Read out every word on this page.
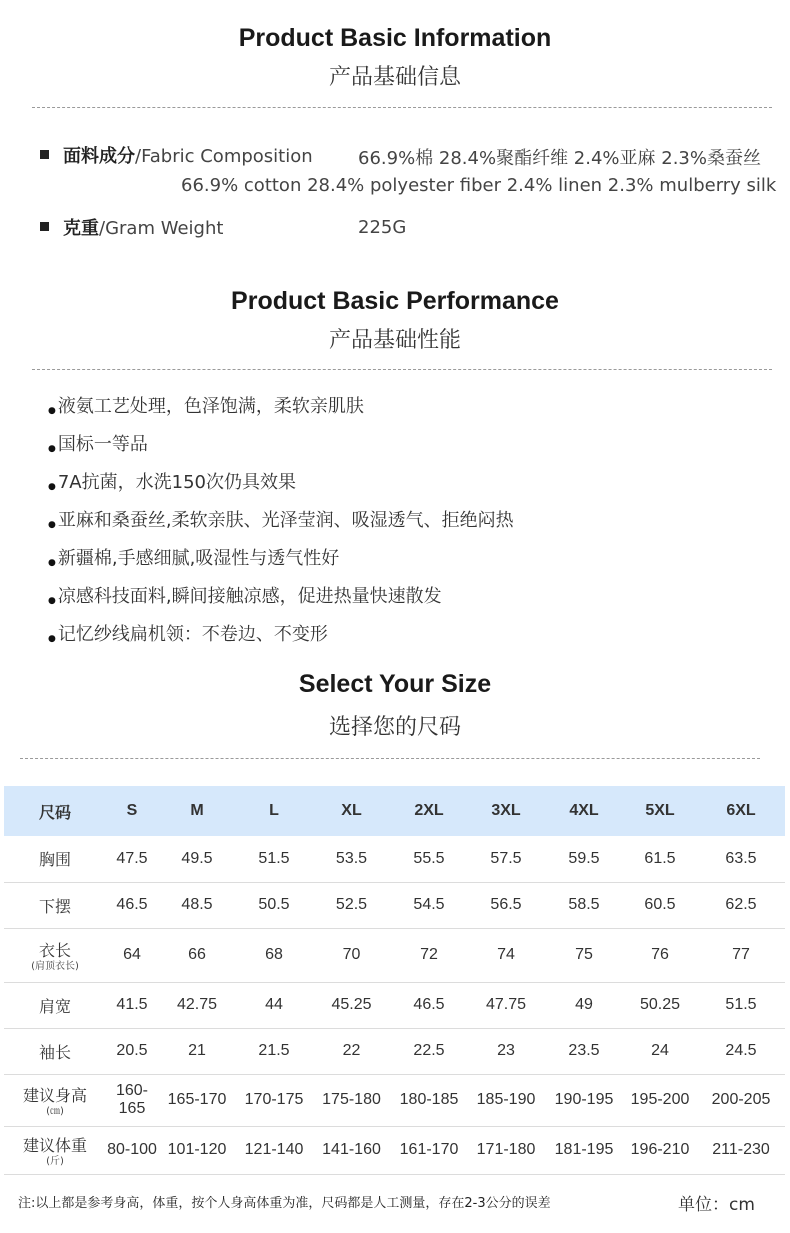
Product Basic Information
产品基础信息
面料成分/Fabric Composition	66.9%棉 28.4%聚酯纤维 2.4%亚麻 2.3%桑蚕丝
66.9% cotton 28.4% polyester fiber 2.4% linen 2.3% mulberry silk
克重/Gram Weight	225G
Product Basic Performance
产品基础性能
● 液氨工艺处理，色泽饱满，柔软亲肌肤
● 国标一等品
● 7A抗菌，水洗150次仍具效果
● 亚麻和桑蚕丝,柔软亲肤、光泽莹润、吸湿透气、拒绝闷热
● 新疆棉,手感细腻,吸湿性与透气性好
● 凉感科技面料,瞬间接触凉感，促进热量快速散发
● 记忆纱线扁机领：不卷边、不变形
Select Your Size
选择您的尺码
尺码	S	M	L	XL	2XL	3XL	4XL	5XL	6XL

胸围	47.5	49.5	51.5	53.5	55.5	57.5	59.5	61.5	63.5

下摆	46.5	48.5	50.5	52.5	54.5	56.5	58.5	60.5	62.5

衣长
(肩顶衣长)	64	66	68	70	72	74	75	76	77

肩宽	41.5	42.75	44	45.25	46.5	47.75	49	50.25	51.5

袖长	20.5	21	21.5	22	22.5	23	23.5	24	24.5

建议身高
(㎝)	160-165	165-170	170-175	175-180	180-185	185-190	190-195	195-200	200-205

建议体重
(斤)	80-100	101-120	121-140	141-160	161-170	171-180	181-195	196-210	211-230
注:以上都是参考身高，体重，按个人身高体重为准，尺码都是人工测量，存在2-3公分的误差	单位：cm
